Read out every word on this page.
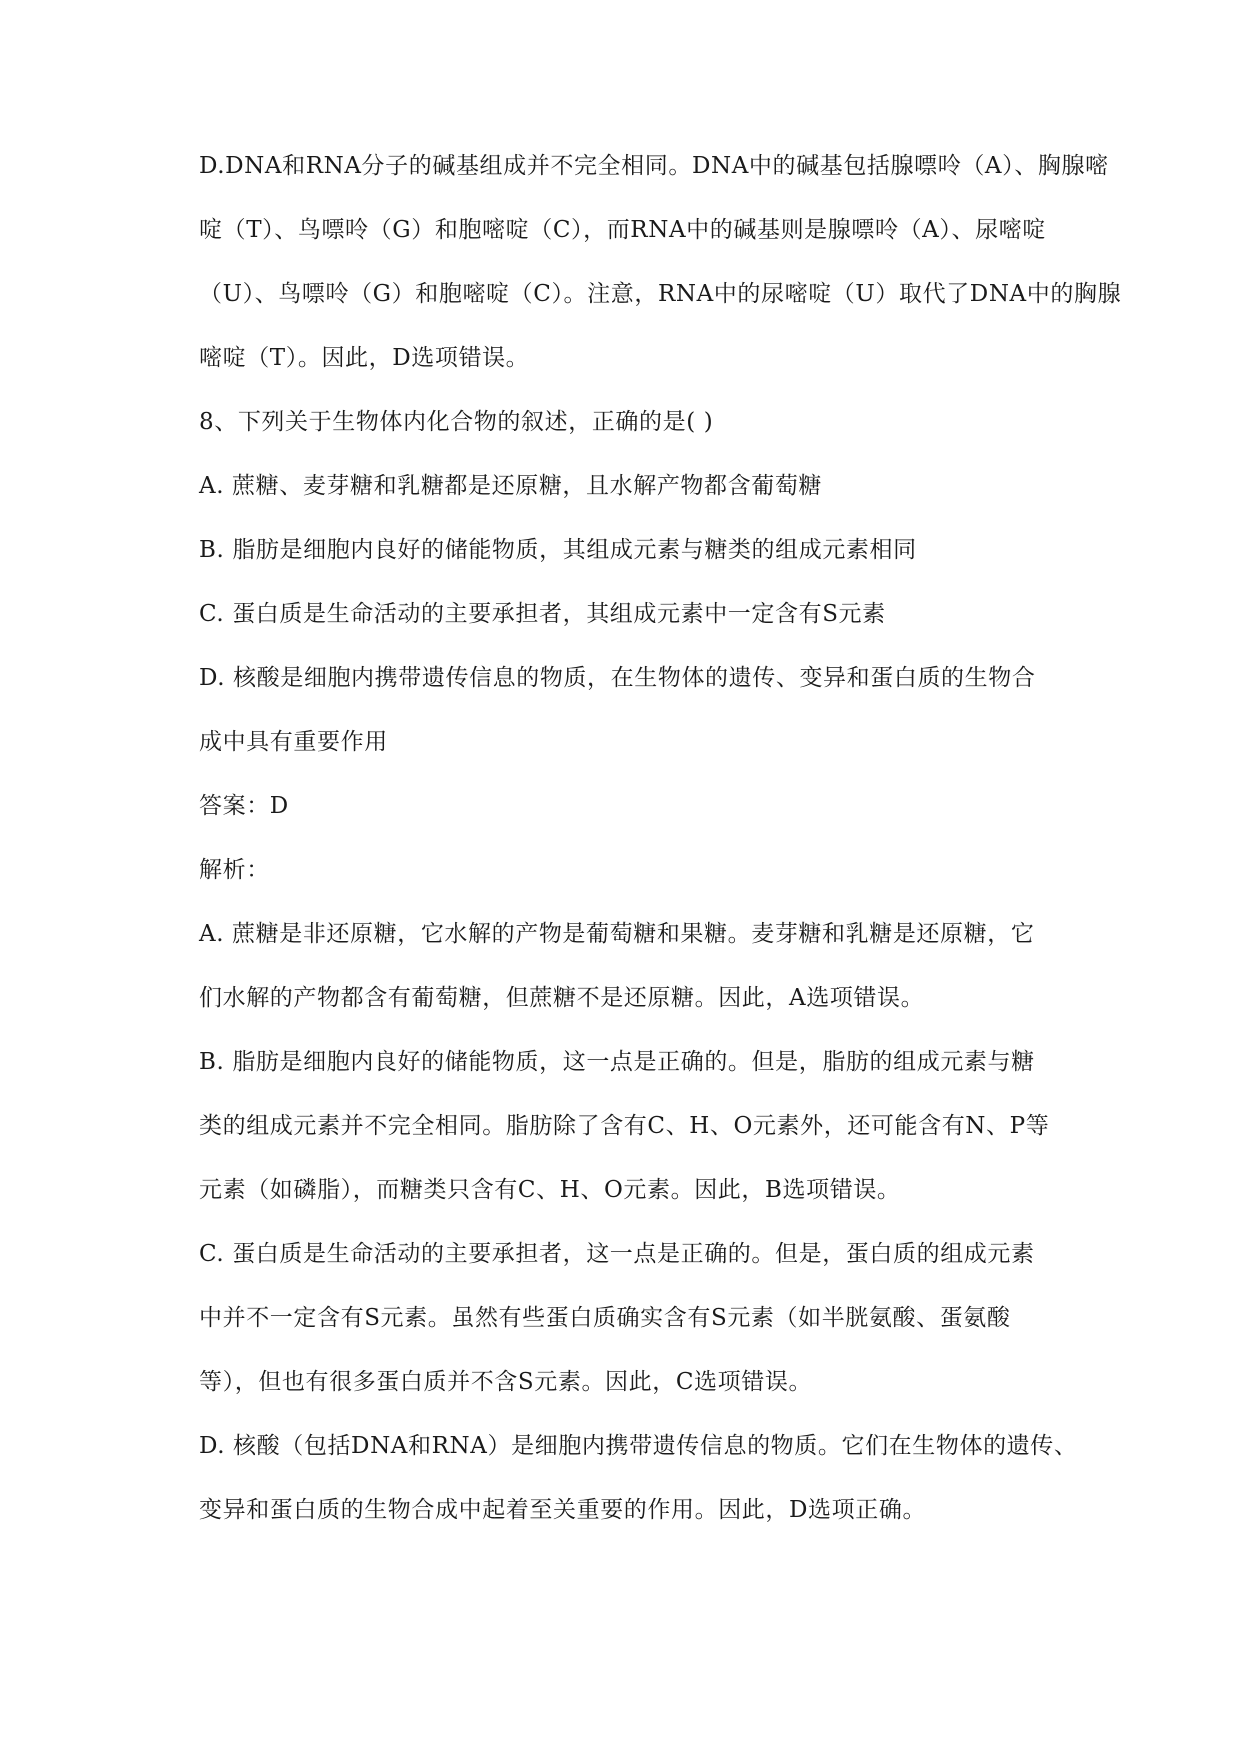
D.DNA和RNA分子的碱基组成并不完全相同。DNA中的碱基包括腺嘌呤（A）、胸腺嘧

啶（T）、鸟嘌呤（G）和胞嘧啶（C），而RNA中的碱基则是腺嘌呤（A）、尿嘧啶

（U）、鸟嘌呤（G）和胞嘧啶（C）。注意，RNA中的尿嘧啶（U）取代了DNA中的胸腺

嘧啶（T）。因此，D选项错误。

8、下列关于生物体内化合物的叙述，正确的是( )

A. 蔗糖、麦芽糖和乳糖都是还原糖，且水解产物都含葡萄糖

B. 脂肪是细胞内良好的储能物质，其组成元素与糖类的组成元素相同

C. 蛋白质是生命活动的主要承担者，其组成元素中一定含有S元素

D. 核酸是细胞内携带遗传信息的物质，在生物体的遗传、变异和蛋白质的生物合

成中具有重要作用

答案：D

解析：

A. 蔗糖是非还原糖，它水解的产物是葡萄糖和果糖。麦芽糖和乳糖是还原糖，它

们水解的产物都含有葡萄糖，但蔗糖不是还原糖。因此，A选项错误。

B. 脂肪是细胞内良好的储能物质，这一点是正确的。但是，脂肪的组成元素与糖

类的组成元素并不完全相同。脂肪除了含有C、H、O元素外，还可能含有N、P等

元素（如磷脂），而糖类只含有C、H、O元素。因此，B选项错误。

C. 蛋白质是生命活动的主要承担者，这一点是正确的。但是，蛋白质的组成元素

中并不一定含有S元素。虽然有些蛋白质确实含有S元素（如半胱氨酸、蛋氨酸

等），但也有很多蛋白质并不含S元素。因此，C选项错误。

D. 核酸（包括DNA和RNA）是细胞内携带遗传信息的物质。它们在生物体的遗传、

变异和蛋白质的生物合成中起着至关重要的作用。因此，D选项正确。
